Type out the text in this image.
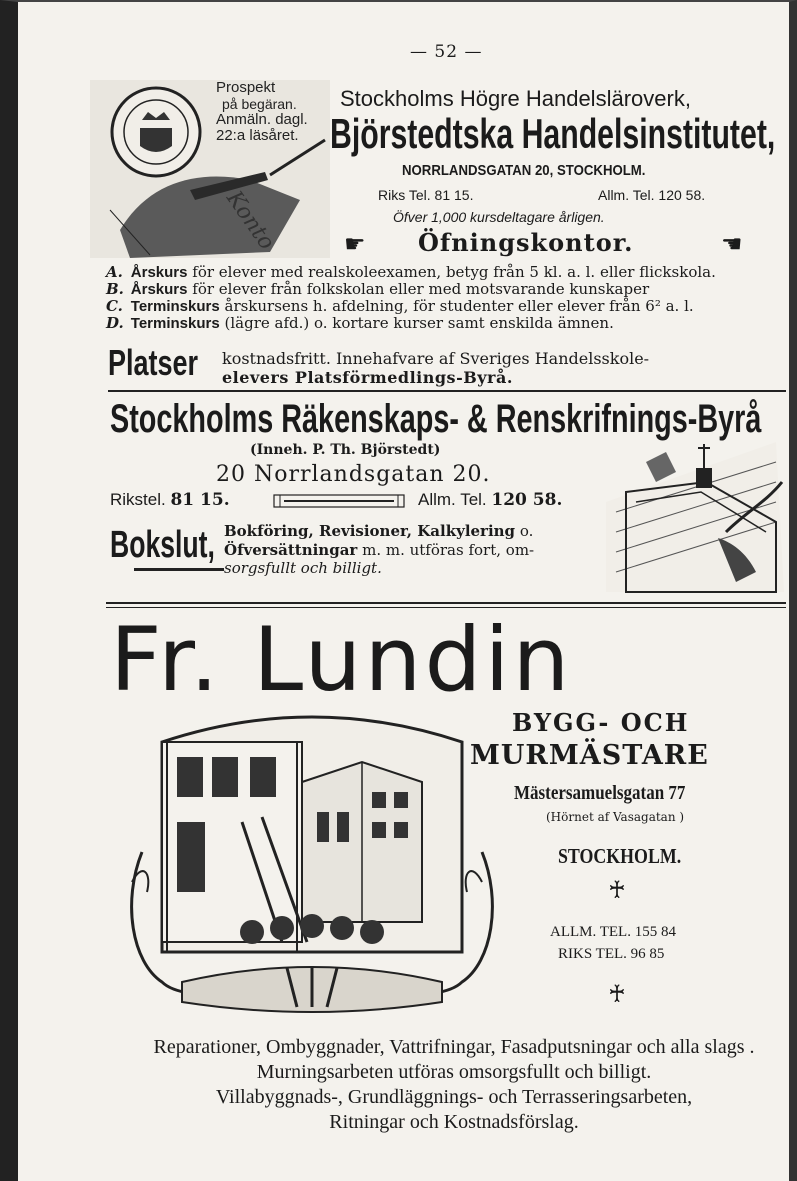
— 52 —
Konto
Prospekt
på begäran.
Anmäln. dagl.
22:a läsåret.
Stockholms Högre Handelsläroverk,
Björstedtska Handelsinstitutet,
NORRLANDSGATAN 20, STOCKHOLM.
Riks Tel. 81 15.	Allm. Tel. 120 58.
Öfver 1,000 kursdeltagare årligen.
☛ Öfningskontor.	☚
A. Årskurs för elever med realskoleexamen, betyg från 5 kl. a. l. eller flickskola.
B. Årskurs för elever från folkskolan eller med motsvarande kunskaper
C. Terminskurs årskursens h. afdelning, för studenter eller elever från 6² a. l.
D. Terminskurs (lägre afd.) o. kortare kurser samt enskilda ämnen.
Platser kostnadsfritt. Innehafvare af Sveriges Handelsskole-
elevers Platsförmedlings-Byrå.
Stockholms Räkenskaps- & Renskrifnings-Byrå
(Inneh. P. Th. Björstedt)
20 Norrlandsgatan 20.
Rikstel. 81 15.	Allm. Tel. 120 58.
Bokslut, Bokföring, Revisioner, Kalkylering o.
Öfversättningar m. m. utföras fort, om-
sorgsfullt och billigt.
Fr. Lundin
BYGG- OCH
MURMÄSTARE
Mästersamuelsgatan 77
(Hörnet af Vasagatan )
STOCKHOLM.
♰
ALLM. TEL. 155 84
RIKS TEL. 96 85
♰
Reparationer, Ombyggnader, Vattrifningar, Fasadputsningar och alla slags .
Murningsarbeten utföras omsorgsfullt och billigt.
Villabyggnads-, Grundläggnings- och Terrasseringsarbeten,
Ritningar och Kostnadsförslag.
